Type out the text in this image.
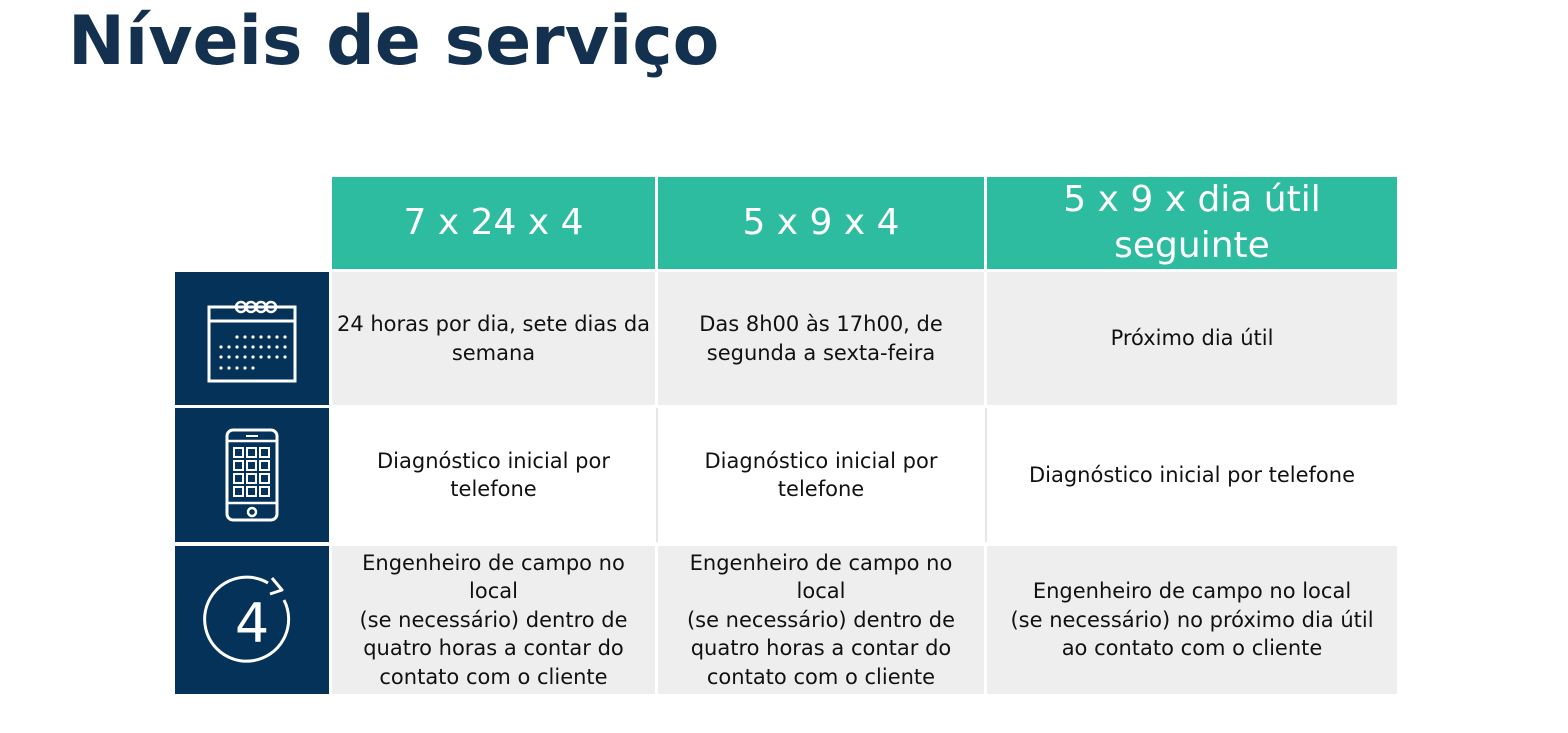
Níveis de serviço
7 x 24 x 4	5 x 9 x 4
5 x 9 x dia útil
seguinte
24 horas por dia, sete dias da
semana
Das 8h00 às 17h00, de
segunda a sexta-feira
Próximo dia útil
Diagnóstico inicial por
telefone
Diagnóstico inicial por
telefone
Diagnóstico inicial por telefone
4
Engenheiro de campo no
local
(se necessário) dentro de
quatro horas a contar do
contato com o cliente
Engenheiro de campo no
local
(se necessário) dentro de
quatro horas a contar do
contato com o cliente
Engenheiro de campo no local
(se necessário) no próximo dia útil
ao contato com o cliente
